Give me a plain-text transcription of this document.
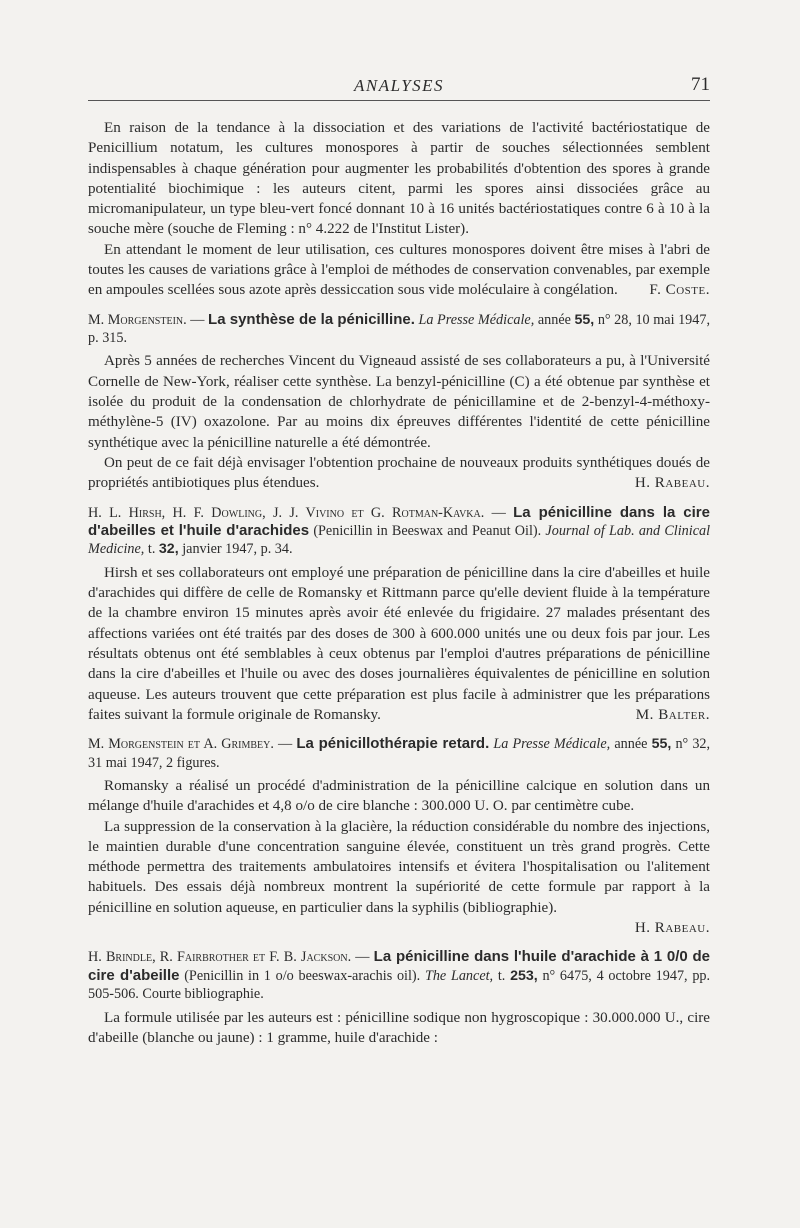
ANALYSES	71

En raison de la tendance à la dissociation et des variations de l'activité bactériostatique de Penicillium notatum, les cultures monospores à partir de souches sélectionnées semblent indispensables à chaque génération pour augmenter les probabilités d'obtention des spores à grande potentialité biochimique : les auteurs citent, parmi les spores ainsi dissociées grâce au micromanipulateur, un type bleu-vert foncé donnant 10 à 16 unités bactériostatiques contre 6 à 10 à la souche mère (souche de Fleming : n° 4.222 de l'Institut Lister).

En attendant le moment de leur utilisation, ces cultures monospores doivent être mises à l'abri de toutes les causes de variations grâce à l'emploi de méthodes de conservation convenables, par exemple en ampoules scellées sous azote après dessiccation sous vide moléculaire à congélation.	F. Coste.

M. Morgenstein. — La synthèse de la pénicilline. La Presse Médicale, année 55, n° 28, 10 mai 1947, p. 315.

Après 5 années de recherches Vincent du Vigneaud assisté de ses collaborateurs a pu, à l'Université Cornelle de New-York, réaliser cette synthèse. La benzyl-pénicilline (C) a été obtenue par synthèse et isolée du produit de la condensation de chlorhydrate de pénicillamine et de 2-benzyl-4-méthoxy-méthylène-5 (IV) oxazolone. Par au moins dix épreuves différentes l'identité de cette pénicilline synthétique avec la pénicilline naturelle a été démontrée.

On peut de ce fait déjà envisager l'obtention prochaine de nouveaux produits synthétiques doués de propriétés antibiotiques plus étendues.	H. Rabeau.

H. L. Hirsh, H. F. Dowling, J. J. Vivino et G. Rotman-Kavka. — La pénicilline dans la cire d'abeilles et l'huile d'arachides (Penicillin in Beeswax and Peanut Oil). Journal of Lab. and Clinical Medicine, t. 32, janvier 1947, p. 34.

Hirsh et ses collaborateurs ont employé une préparation de pénicilline dans la cire d'abeilles et huile d'arachides qui diffère de celle de Romansky et Rittmann parce qu'elle devient fluide à la température de la chambre environ 15 minutes après avoir été enlevée du frigidaire. 27 malades présentant des affections variées ont été traités par des doses de 300 à 600.000 unités une ou deux fois par jour. Les résultats obtenus ont été semblables à ceux obtenus par l'emploi d'autres préparations de pénicilline dans la cire d'abeilles et l'huile ou avec des doses journalières équivalentes de pénicilline en solution aqueuse. Les auteurs trouvent que cette préparation est plus facile à administrer que les préparations faites suivant la formule originale de Romansky.	M. Balter.

M. Morgenstein et A. Grimbey. — La pénicillothérapie retard. La Presse Médicale, année 55, n° 32, 31 mai 1947, 2 figures.

Romansky a réalisé un procédé d'administration de la pénicilline calcique en solution dans un mélange d'huile d'arachides et 4,8 o/o de cire blanche : 300.000 U. O. par centimètre cube.

La suppression de la conservation à la glacière, la réduction considérable du nombre des injections, le maintien durable d'une concentration sanguine élevée, constituent un très grand progrès. Cette méthode permettra des traitements ambulatoires intensifs et évitera l'hospitalisation ou l'alitement habituels. Des essais déjà nombreux montrent la supériorité de cette formule par rapport à la pénicilline en solution aqueuse, en particulier dans la syphilis (bibliographie).

H. Rabeau.

H. Brindle, R. Fairbrother et F. B. Jackson. — La pénicilline dans l'huile d'arachide à 1 0/0 de cire d'abeille (Penicillin in 1 o/o beeswax-arachis oil). The Lancet, t. 253, n° 6475, 4 octobre 1947, pp. 505-506. Courte bibliographie.

La formule utilisée par les auteurs est : pénicilline sodique non hygroscopique : 30.000.000 U., cire d'abeille (blanche ou jaune) : 1 gramme, huile d'arachide :
